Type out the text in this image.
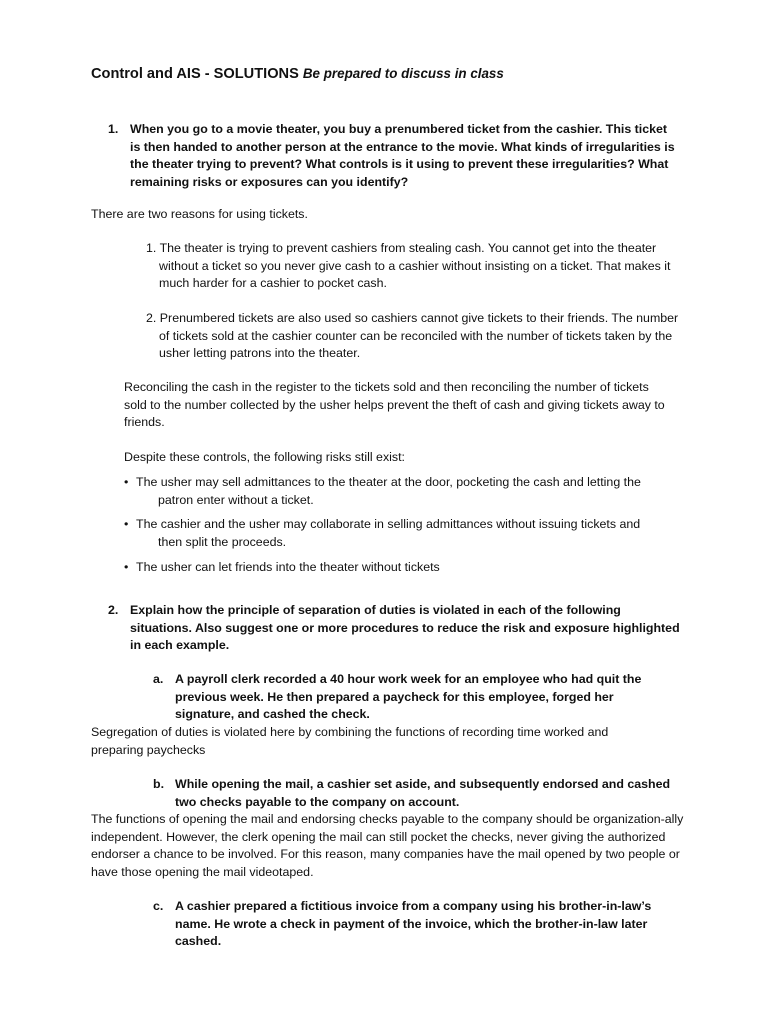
Control and AIS - SOLUTIONS Be prepared to discuss in class
1. When you go to a movie theater, you buy a prenumbered ticket from the cashier. This ticket is then handed to another person at the entrance to the movie. What kinds of irregularities is the theater trying to prevent? What controls is it using to prevent these irregularities? What remaining risks or exposures can you identify?
There are two reasons for using tickets.
1. The theater is trying to prevent cashiers from stealing cash. You cannot get into the theater without a ticket so you never give cash to a cashier without insisting on a ticket. That makes it much harder for a cashier to pocket cash.
2. Prenumbered tickets are also used so cashiers cannot give tickets to their friends. The number of tickets sold at the cashier counter can be reconciled with the number of tickets taken by the usher letting patrons into the theater.
Reconciling the cash in the register to the tickets sold and then reconciling the number of tickets sold to the number collected by the usher helps prevent the theft of cash and giving tickets away to friends.
Despite these controls, the following risks still exist:
• The usher may sell admittances to the theater at the door, pocketing the cash and letting the patron enter without a ticket.
• The cashier and the usher may collaborate in selling admittances without issuing tickets and then split the proceeds.
• The usher can let friends into the theater without tickets
2. Explain how the principle of separation of duties is violated in each of the following situations. Also suggest one or more procedures to reduce the risk and exposure highlighted in each example.
a. A payroll clerk recorded a 40 hour work week for an employee who had quit the previous week. He then prepared a paycheck for this employee, forged her signature, and cashed the check.
Segregation of duties is violated here by combining the functions of recording time worked and preparing paychecks
b. While opening the mail, a cashier set aside, and subsequently endorsed and cashed two checks payable to the company on account.
The functions of opening the mail and endorsing checks payable to the company should be organization-ally independent. However, the clerk opening the mail can still pocket the checks, never giving the authorized endorser a chance to be involved. For this reason, many companies have the mail opened by two people or have those opening the mail videotaped.
c. A cashier prepared a fictitious invoice from a company using his brother-in-law’s name. He wrote a check in payment of the invoice, which the brother-in-law later cashed.
